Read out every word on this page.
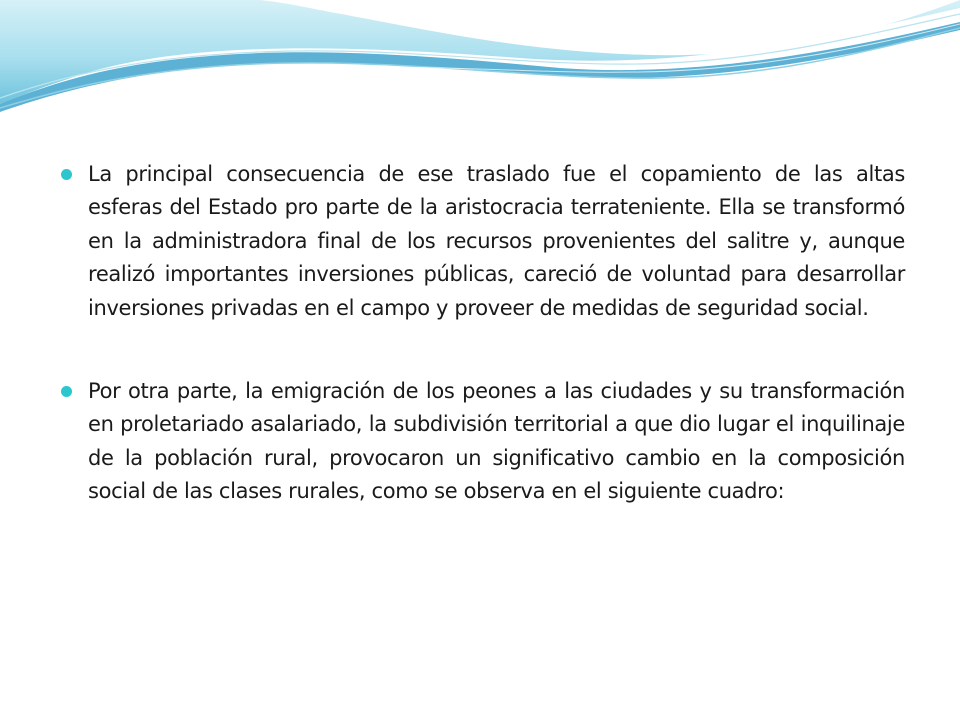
La principal consecuencia de ese traslado fue el copamiento de las altas esferas del Estado pro parte de la aristocracia terrateniente. Ella se transformó en la administradora final de los recursos provenientes del salitre y, aunque realizó importantes inversiones públicas, careció de voluntad para desarrollar inversiones privadas en el campo y proveer de medidas de seguridad social.
Por otra parte, la emigración de los peones a las ciudades y su transformación en proletariado asalariado, la subdivisión territorial a que dio lugar el inquilinaje de la población rural, provocaron un significativo cambio en la composición social de las clases rurales, como se observa en el siguiente cuadro:
